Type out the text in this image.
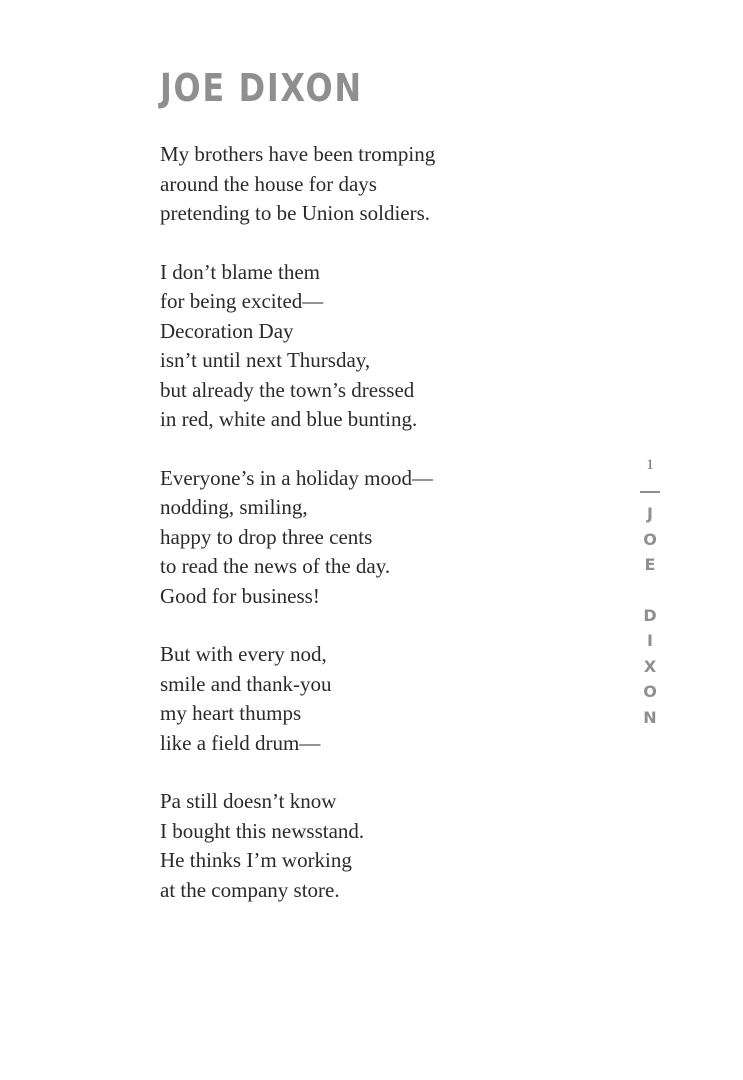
JOE DIXON
My brothers have been tromping
around the house for days
pretending to be Union soldiers.
I don’t blame them
for being excited—
Decoration Day
isn’t until next Thursday,
but already the town’s dressed
in red, white and blue bunting.
Everyone’s in a holiday mood—
nodding, smiling,
happy to drop three cents
to read the news of the day.
Good for business!
But with every nod,
smile and thank-you
my heart thumps
like a field drum—
Pa still doesn’t know
I bought this newsstand.
He thinks I’m working
at the company store.
1
J
O
E
D
I
X
O
N
